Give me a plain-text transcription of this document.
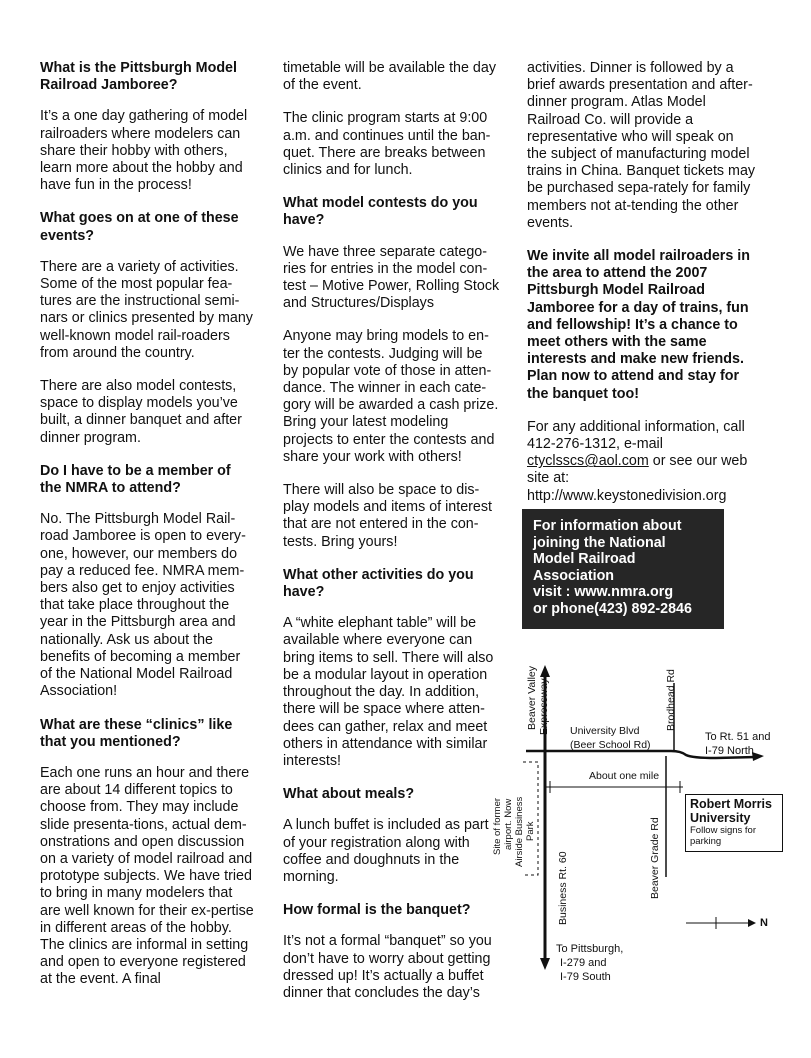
What is the Pittsburgh Model Railroad Jamboree?

It’s a one day gathering of model railroaders where modelers can share their hobby with others, learn more about the hobby and have fun in the process!

What goes on at one of these events?

There are a variety of activities. Some of the most popular fea-tures are the instructional semi-nars or clinics presented by many well-known model rail-roaders from around the country.

There are also model contests, space to display models you’ve built, a dinner banquet and after dinner program.

Do I have to be a member of the NMRA to attend?

No. The Pittsburgh Model Rail-road Jamboree is open to every-one, however, our members do pay a reduced fee. NMRA mem-bers also get to enjoy activities that take place throughout the year in the Pittsburgh area and nationally. Ask us about the benefits of becoming a member of the National Model Railroad Association!

What are these “clinics” like that you mentioned?

Each one runs an hour and there are about 14 different topics to choose from. They may include slide presenta-tions, actual dem-onstrations and open discussion on a variety of model railroad and prototype subjects. We have tried to bring in many modelers that are well known for their ex-pertise in different areas of the hobby. The clinics are informal in setting and open to everyone registered at the event. A final

timetable will be available the day of the event.

The clinic program starts at 9:00 a.m. and continues until the ban-quet. There are breaks between clinics and for lunch.

What model contests do you have?

We have three separate catego-ries for entries in the model con-test – Motive Power, Rolling Stock and Structures/Displays

Anyone may bring models to en-ter the contests. Judging will be by popular vote of those in atten-dance. The winner in each cate-gory will be awarded a cash prize. Bring your latest modeling projects to enter the contests and share your work with others!

There will also be space to dis-play models and items of interest that are not entered in the con-tests. Bring yours!

What other activities do you have?

A “white elephant table” will be available where everyone can bring items to sell. There will also be a modular layout in operation throughout the day. In addition, there will be space where atten-dees can gather, relax and meet others in attendance with similar interests!

What about meals?

A lunch buffet is included as part of your registration along with coffee and doughnuts in the morning.

How formal is the banquet?

It’s not a formal “banquet” so you don’t have to worry about getting dressed up! It’s actually a buffet dinner that concludes the day’s

activities. Dinner is followed by a brief awards presentation and after-dinner program. Atlas Model Railroad Co. will provide a representative who will speak on the subject of manufacturing model trains in China. Banquet tickets may be purchased sepa-rately for family members not at-tending the other events.

We invite all model railroaders in the area to attend the 2007 Pittsburgh Model Railroad Jamboree for a day of trains, fun and fellowship! It’s a chance to meet others with the same interests and make new friends. Plan now to attend and stay for the banquet too!

For any additional information, call 412-276-1312, e-mail ctyclsscs@aol.com or see our web site at:
http://www.keystonedivision.org

For information about
joining the National
Model Railroad
Association
visit : www.nmra.org
or phone(423) 892-2846
Beaver Valley Expressway	Brodhead Rd
University Blvd
(Beer School Rd)
To Rt. 51 and
I-79 North
About one mile
Site of former airport. Now Airside Business Park	Beaver Grade Rd
Robert Morris
University
Follow signs for
parking
Business Rt. 60
To Pittsburgh,
I-279 and
I-79 South
N
